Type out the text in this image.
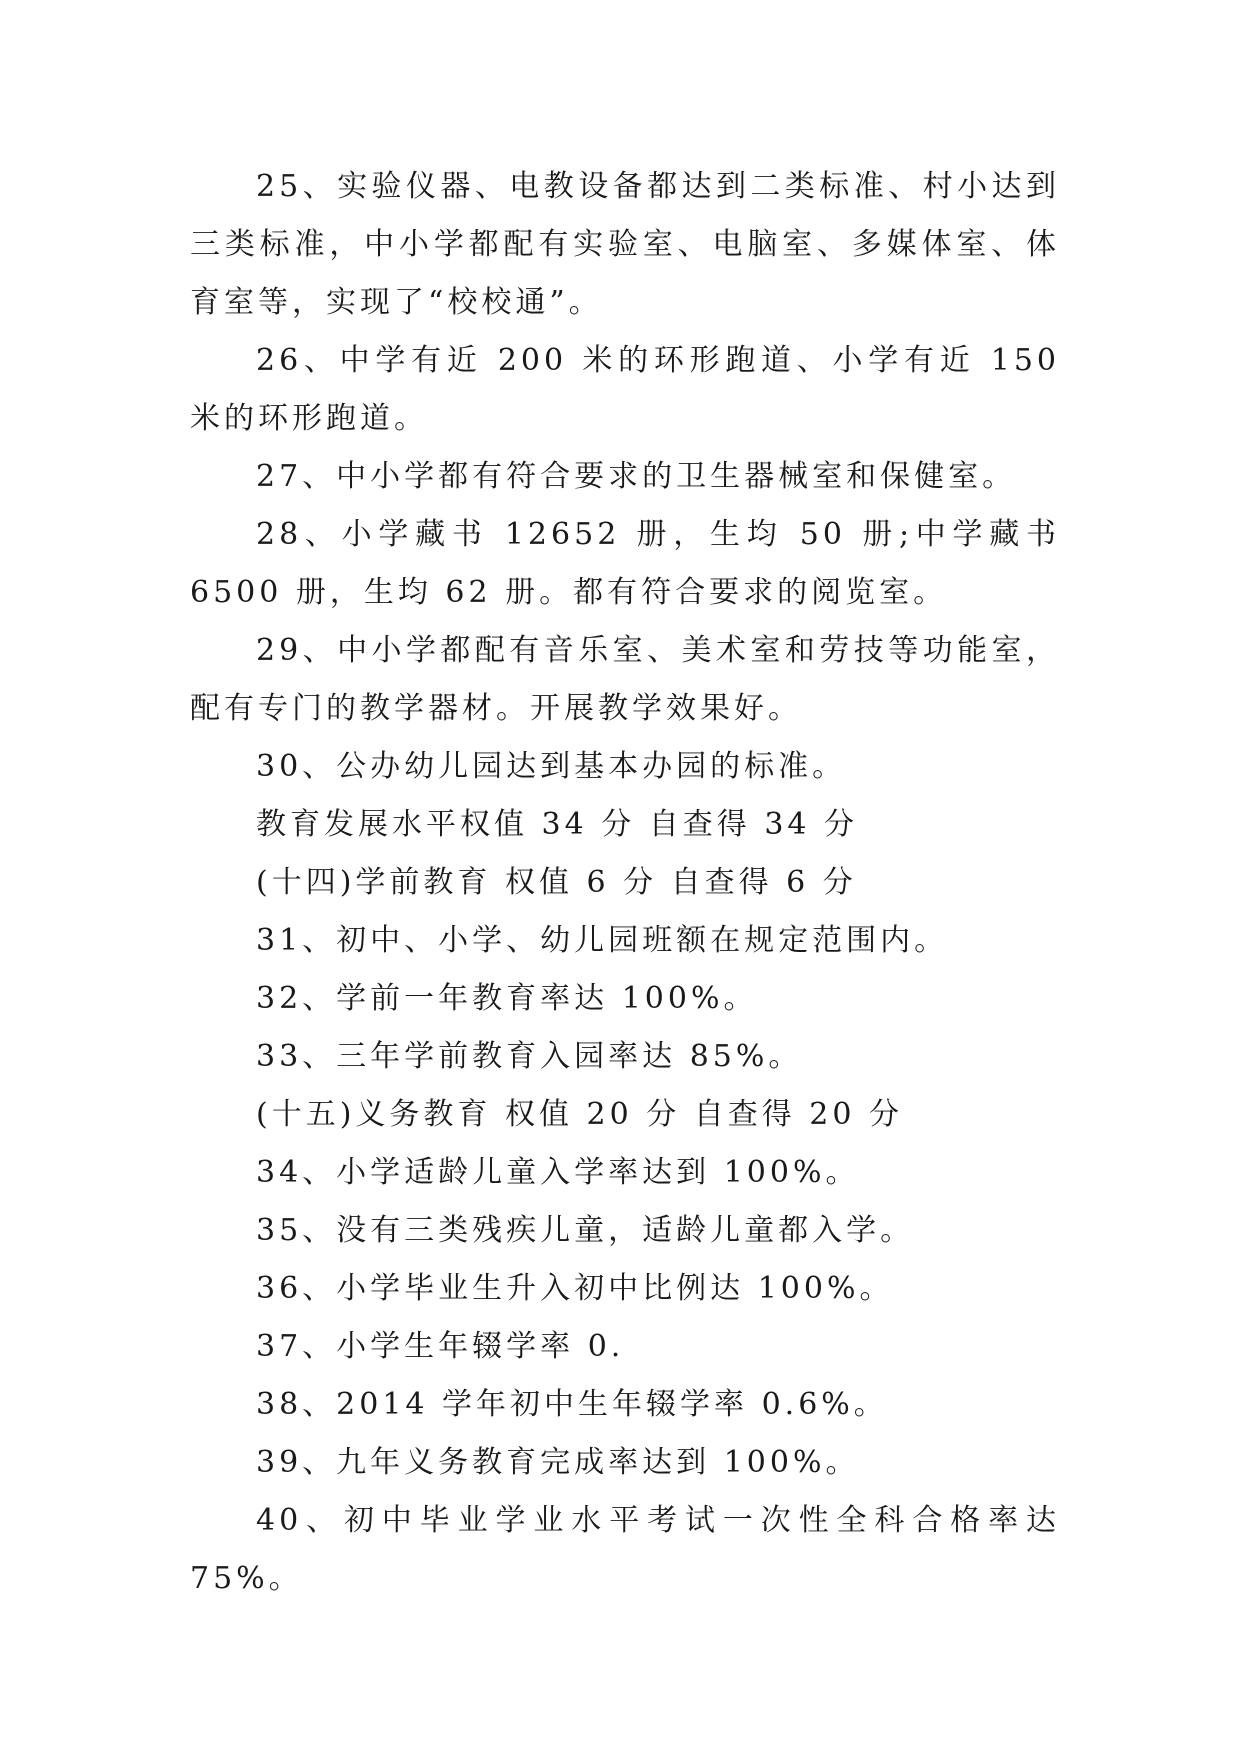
25、实验仪器、电教设备都达到二类标准、村小达到三类标准，中小学都配有实验室、电脑室、多媒体室、体育室等，实现了“校校通”。

26、中学有近 200 米的环形跑道、小学有近 150 米的环形跑道。

27、中小学都有符合要求的卫生器械室和保健室。

28、小学藏书 12652 册，生均 50 册;中学藏书 6500 册，生均 62 册。都有符合要求的阅览室。

29、中小学都配有音乐室、美术室和劳技等功能室，配有专门的教学器材。开展教学效果好。

30、公办幼儿园达到基本办园的标准。

教育发展水平权值 34 分 自查得 34 分

(十四)学前教育 权值 6 分 自查得 6 分

31、初中、小学、幼儿园班额在规定范围内。

32、学前一年教育率达 100%。

33、三年学前教育入园率达 85%。

(十五)义务教育 权值 20 分 自查得 20 分

34、小学适龄儿童入学率达到 100%。

35、没有三类残疾儿童，适龄儿童都入学。

36、小学毕业生升入初中比例达 100%。

37、小学生年辍学率 0.

38、2014 学年初中生年辍学率 0.6%。

39、九年义务教育完成率达到 100%。

40、初中毕业学业水平考试一次性全科合格率达 75%。
